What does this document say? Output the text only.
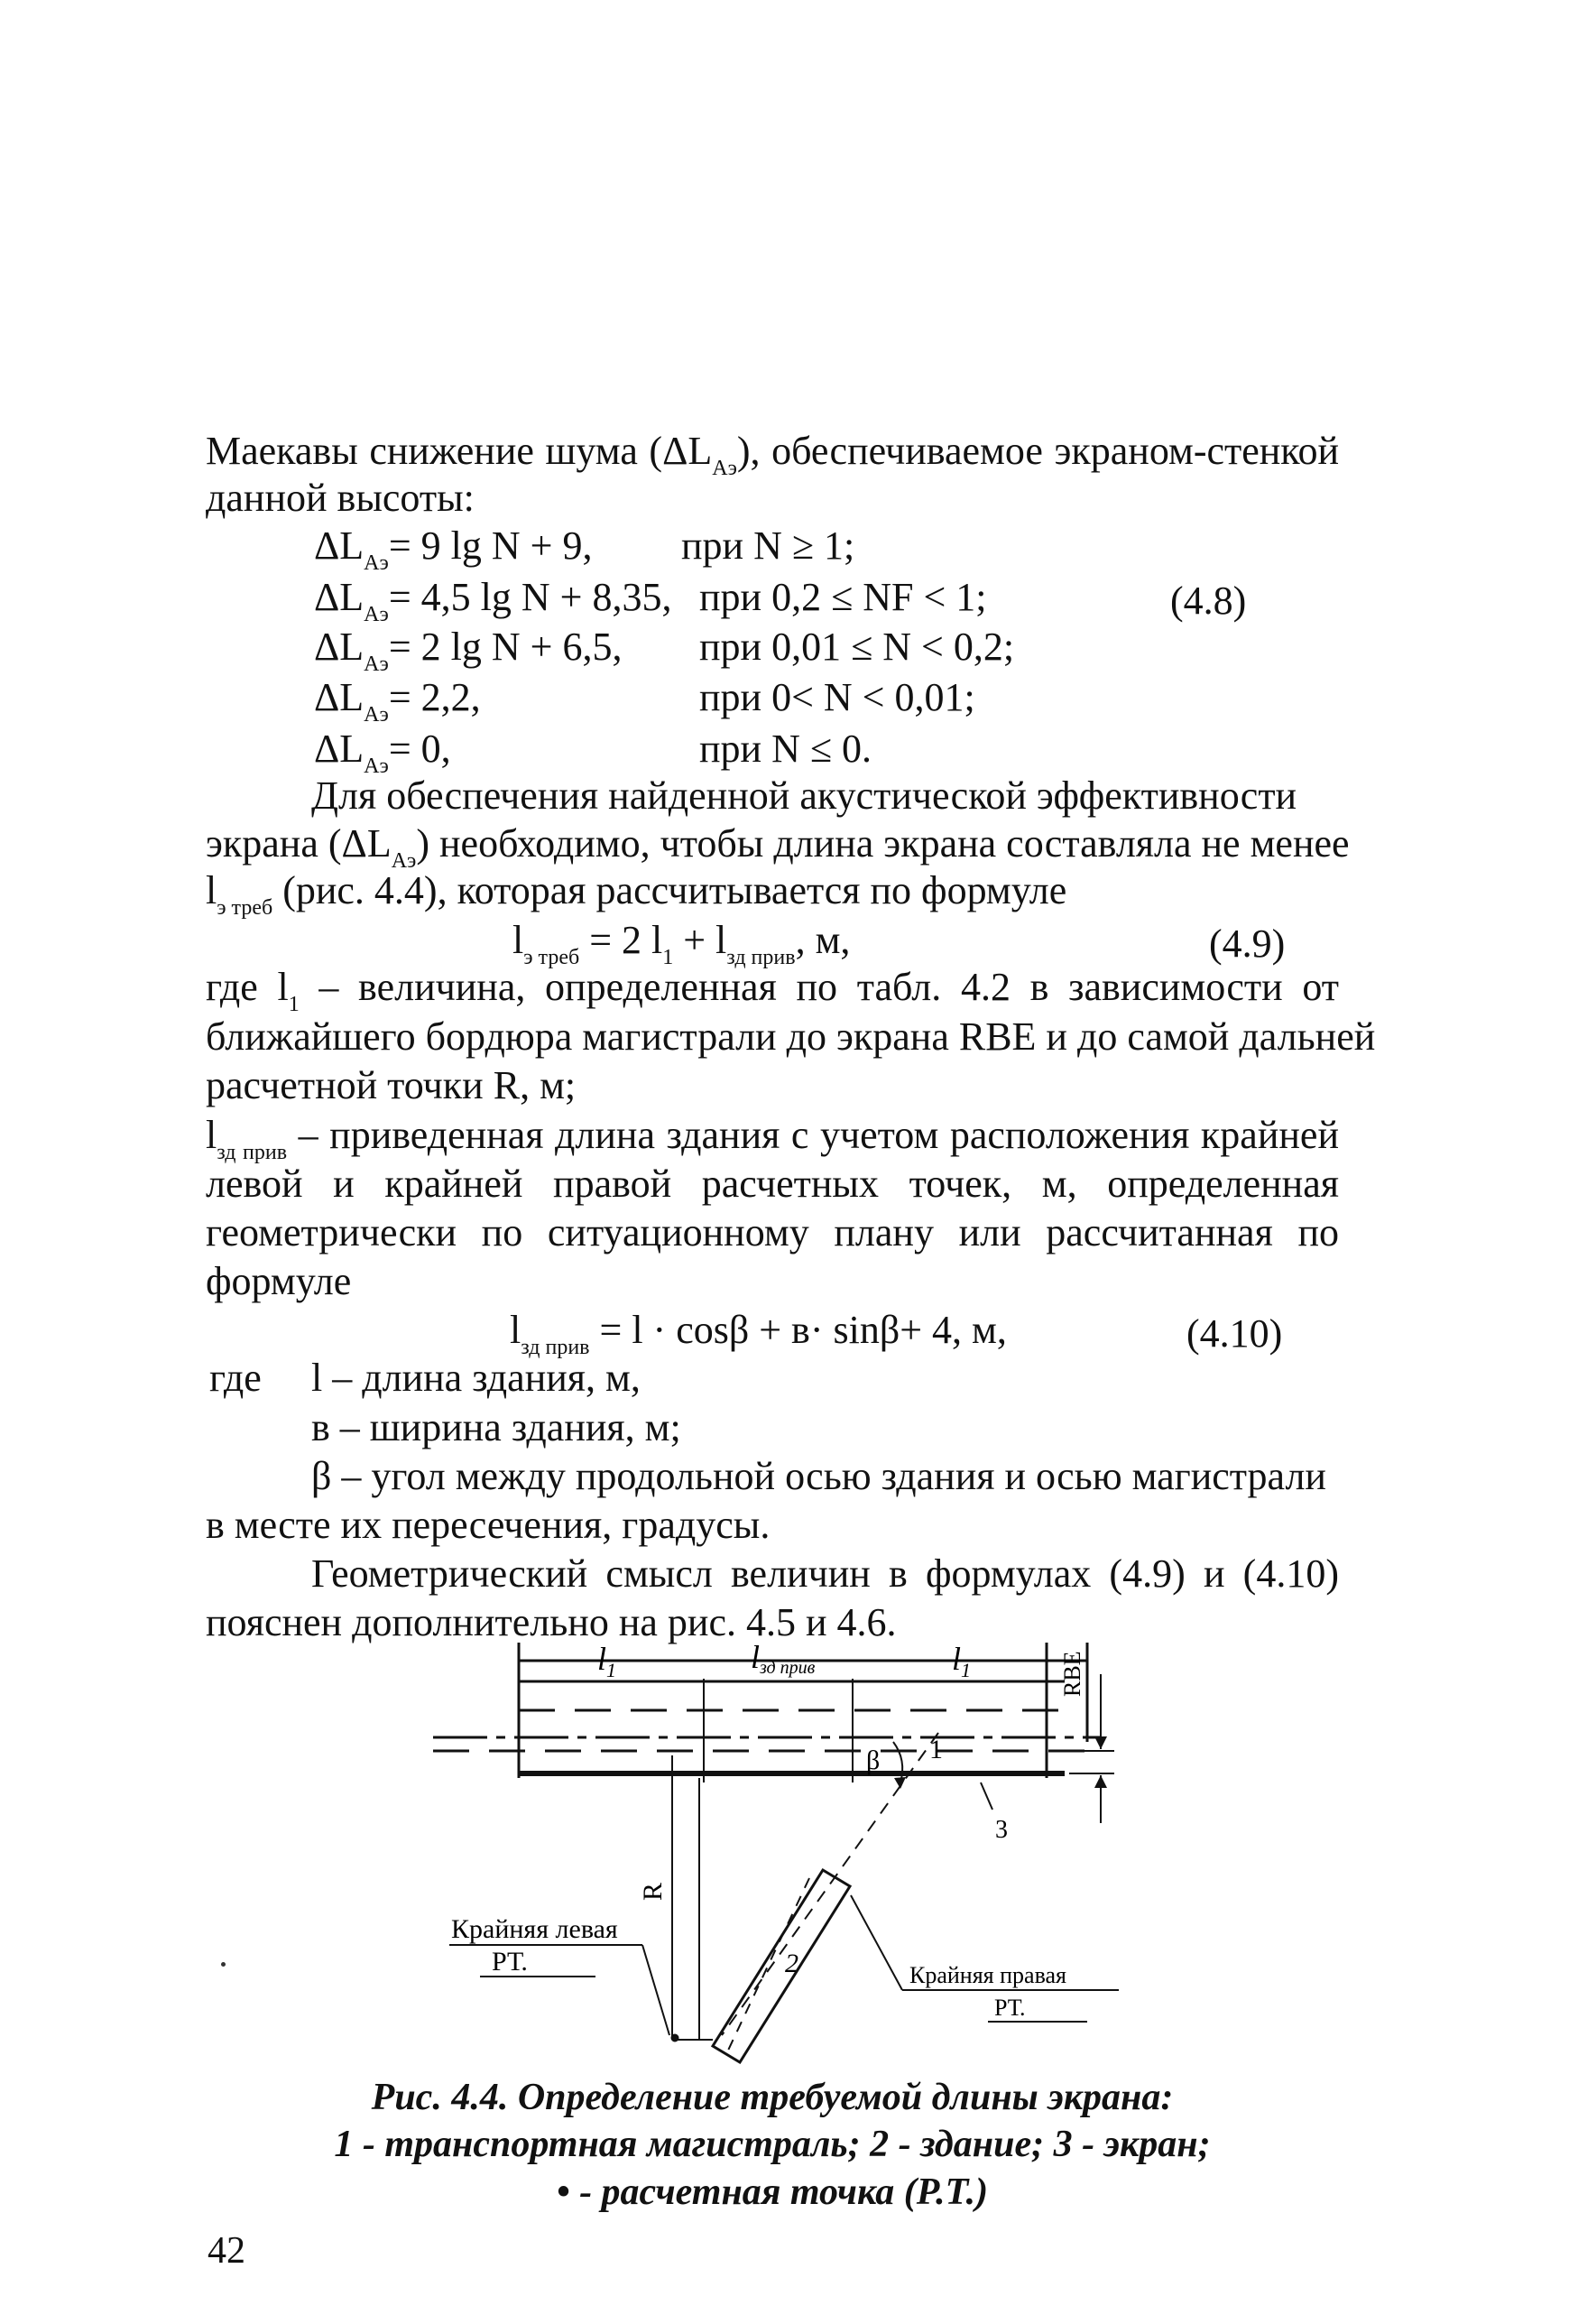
Маекавы снижение шума $(\Delta L_{Аэ})$, обеспечиваемое экраном-стенкой
данной высоты:
$\Delta L_{Аэ}= 9$ lg N + 9, при N ≥ 1;
$\Delta L_{Аэ}= 4,5$ lg N + 8,35, при 0,2 ≤ NF < 1;	(4.8)
$\Delta L_{Аэ}= 2$ lg N + 6,5, при 0,01 ≤ N < 0,2;
$\Delta L_{Аэ}= 2,2$,	при 0< N < 0,01;
$\Delta L_{Аэ}= 0$,	при N ≤ 0.
Для обеспечения найденной акустической эффективности
экрана $(\Delta L_{Аэ})$ необходимо, чтобы длина экрана составляла не менее
$l_{э треб}$ (рис. 4.4), которая рассчитывается по формуле
$l_{э треб} = 2$ $l_1 + l_{зд прив}$, м,	(4.9)
где $l_1$ – величина, определенная по табл. 4.2 в зависимости от
ближайшего бордюра магистрали до экрана RBE и до самой дальней
расчетной точки R, м;
$l_{зд прив}$ – приведенная длина здания с учетом расположения крайней
левой и крайней правой расчетных точек, м, определенная
геометрически по ситуационному плану или рассчитанная по
формуле
$l_{зд прив} = l \cdot \cos\beta + в\cdot \sin\beta+ 4$, м,	(4.10)
где l – длина здания, м,
в – ширина здания, м;
β – угол между продольной осью здания и осью магистрали
в месте их пересечения, градусы.
Геометрический смысл величин в формулах (4.9) и (4.10)
пояснен дополнительно на рис. 4.5 и 4.6.
$l_1$	lзд прив	$l_1$	RBE
β 1
2
3
R
Крайняя левая
РТ.	Крайняя правая
РТ.
Рис. 4.4. Определение требуемой длины экрана:
1 - транспортная магистраль; 2 - здание; 3 - экран;
• - расчетная точка (Р.Т.)
42
